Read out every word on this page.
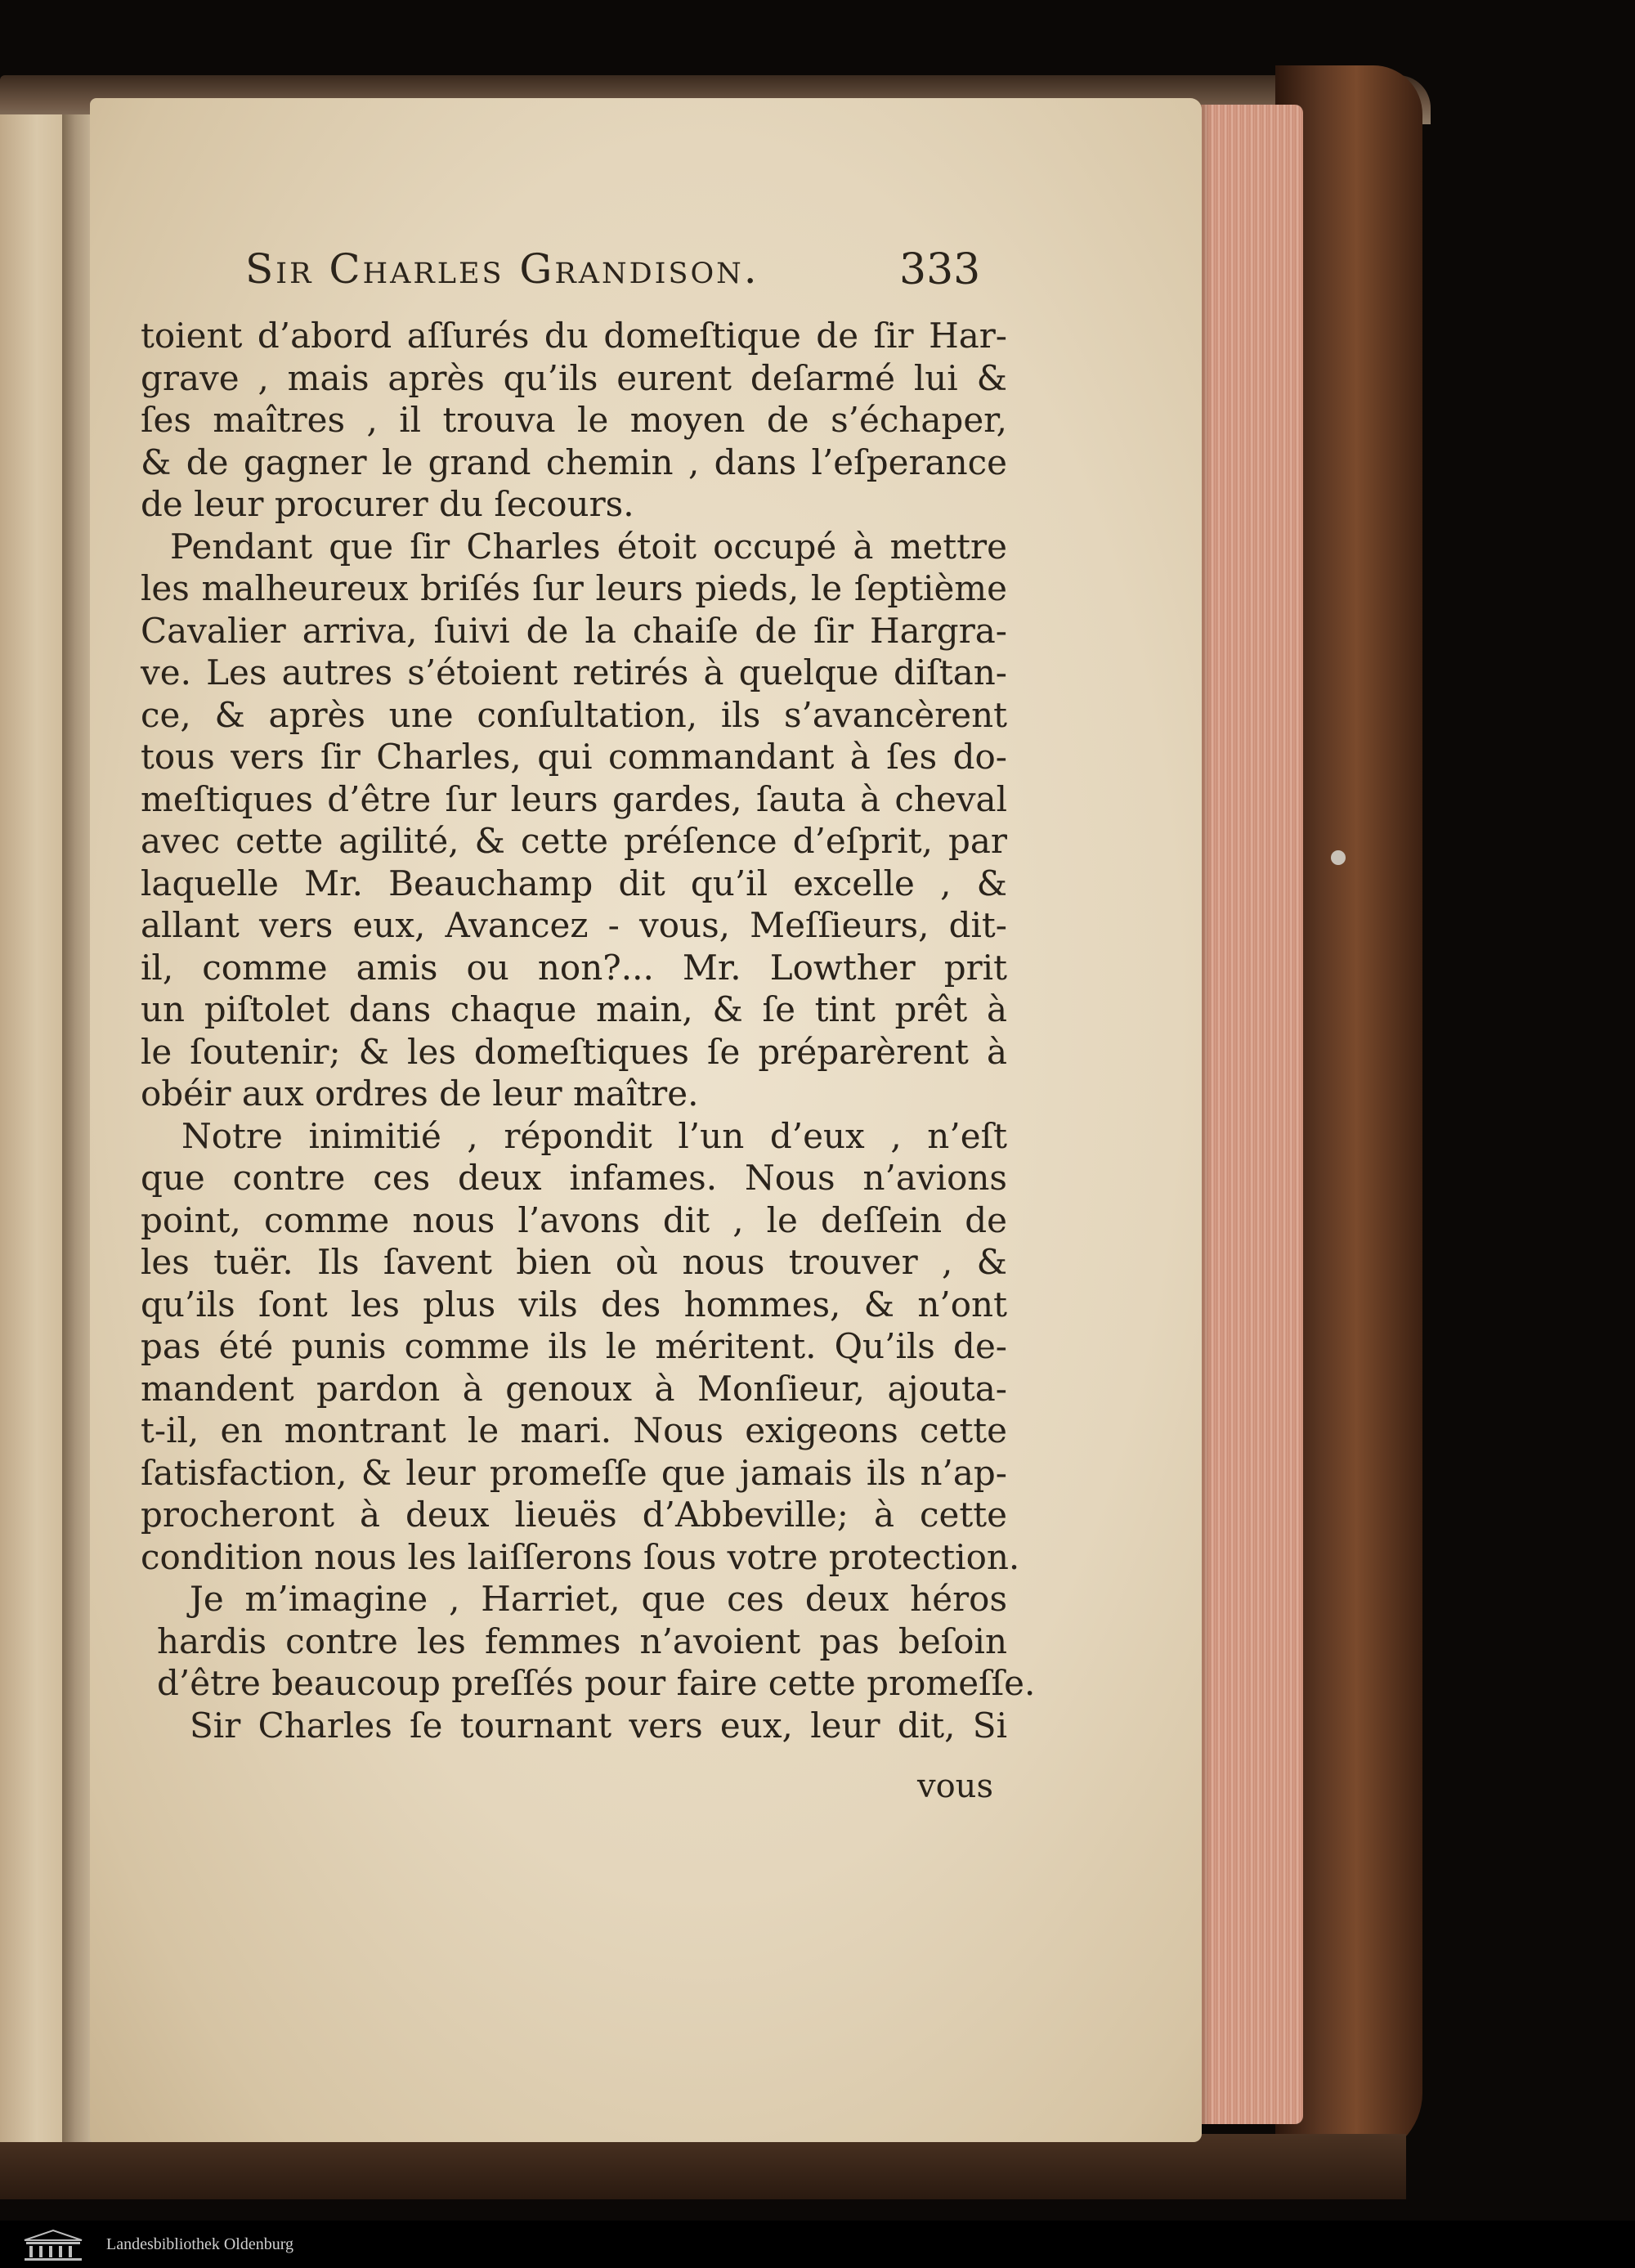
Sir Charles Grandison.	333
toient d’abord aſſurés du domeſtique de ſir Har-
grave , mais après qu’ils eurent deſarmé lui &
ſes maîtres , il trouva le moyen de s’échaper,
& de gagner le grand chemin , dans l’eſperance
de leur procurer du ſecours.
Pendant que ſir Charles étoit occupé à mettre
les malheureux briſés ſur leurs pieds, le ſeptième
Cavalier arriva, ſuivi de la chaiſe de ſir Hargra-
ve. Les autres s’étoient retirés à quelque diſtan-
ce, & après une conſultation, ils s’avancèrent
tous vers ſir Charles, qui commandant à ſes do-
meſtiques d’être ſur leurs gardes, ſauta à cheval
avec cette agilité, & cette préſence d’eſprit, par
laquelle Mr. Beauchamp dit qu’il excelle , &
allant vers eux, Avancez - vous, Meſſieurs, dit-
il, comme amis ou non?... Mr. Lowther prit
un piſtolet dans chaque main, & ſe tint prêt à
le ſoutenir; & les domeſtiques ſe préparèrent à
obéir aux ordres de leur maître.
Notre inimitié , répondit l’un d’eux , n’eſt
que contre ces deux infames. Nous n’avions
point, comme nous l’avons dit , le deſſein de
les tuër. Ils ſavent bien où nous trouver , &
qu’ils ſont les plus vils des hommes, & n’ont
pas été punis comme ils le méritent. Qu’ils de-
mandent pardon à genoux à Monſieur, ajouta-
t-il, en montrant le mari. Nous exigeons cette
ſatisfaction, & leur promeſſe que jamais ils n’ap-
procheront à deux lieuës d’Abbeville; à cette
condition nous les laiſſerons ſous votre protection.
Je m’imagine , Harriet, que ces deux héros
hardis contre les femmes n’avoient pas beſoin
d’être beaucoup preſſés pour faire cette promeſſe.
Sir Charles ſe tournant vers eux, leur dit, Si
vous
Landesbibliothek Oldenburg
